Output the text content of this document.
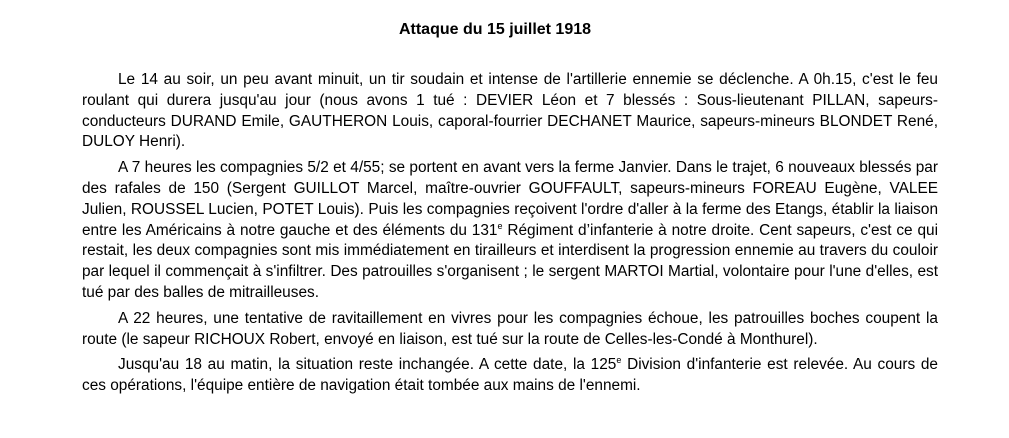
Attaque du 15 juillet 1918

Le 14 au soir, un peu avant minuit, un tir soudain et intense de l'artillerie ennemie se déclenche. A 0h.15, c'est le feu roulant qui durera jusqu'au jour (nous avons 1 tué : DEVIER Léon et 7 blessés : Sous-lieutenant PILLAN, sapeurs-conducteurs DURAND Emile, GAUTHERON Louis, caporal-fourrier DECHANET Maurice, sapeurs-mineurs BLONDET René, DULOY Henri).

A 7 heures les compagnies 5/2 et 4/55; se portent en avant vers la ferme Janvier. Dans le trajet, 6 nouveaux blessés par des rafales de 150 (Sergent GUILLOT Marcel, maître-ouvrier GOUFFAULT, sapeurs-mineurs FOREAU Eugène, VALEE Julien, ROUSSEL Lucien, POTET Louis). Puis les compagnies reçoivent l'ordre d'aller à la ferme des Etangs, établir la liaison entre les Américains à notre gauche et des éléments du 131e Régiment d’infanterie à notre droite. Cent sapeurs, c'est ce qui restait, les deux compagnies sont mis immédiatement en tirailleurs et interdisent la progression ennemie au travers du couloir par lequel il commençait à s'infiltrer. Des patrouilles s'organisent ; le sergent MARTOI Martial, volontaire pour l'une d'elles, est tué par des balles de mitrailleuses.

A 22 heures, une tentative de ravitaillement en vivres pour les compagnies échoue, les patrouilles boches coupent la route (le sapeur RICHOUX Robert, envoyé en liaison, est tué sur la route de Celles-les-Condé à Monthurel).

Jusqu'au 18 au matin, la situation reste inchangée. A cette date, la 125e Division d'infanterie est relevée. Au cours de ces opérations, l'équipe entière de navigation était tombée aux mains de l'ennemi.
